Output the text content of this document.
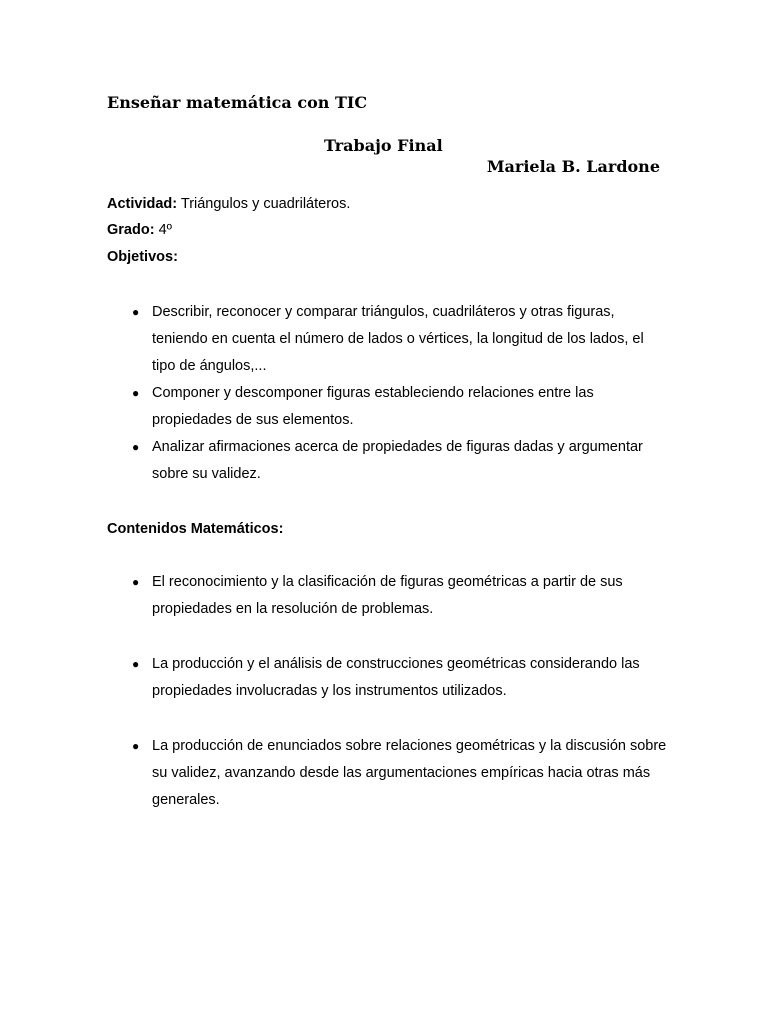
Enseñar matemática con TIC

Trabajo Final

Mariela B. Lardone

Actividad: Triángulos y cuadriláteros.

Grado: 4º

Objetivos:

● Describir, reconocer y comparar triángulos, cuadriláteros y otras figuras, teniendo en cuenta el número de lados o vértices, la longitud de los lados, el tipo de ángulos,...
● Componer y descomponer figuras estableciendo relaciones entre las propiedades de sus elementos.
● Analizar afirmaciones acerca de propiedades de figuras dadas y argumentar sobre su validez.

Contenidos Matemáticos:

● El reconocimiento y la clasificación de figuras geométricas a partir de sus propiedades en la resolución de problemas.
● La producción y el análisis de construcciones geométricas considerando las propiedades involucradas y los instrumentos utilizados.
● La producción de enunciados sobre relaciones geométricas y la discusión sobre su validez, avanzando desde las argumentaciones empíricas hacia otras más generales.
